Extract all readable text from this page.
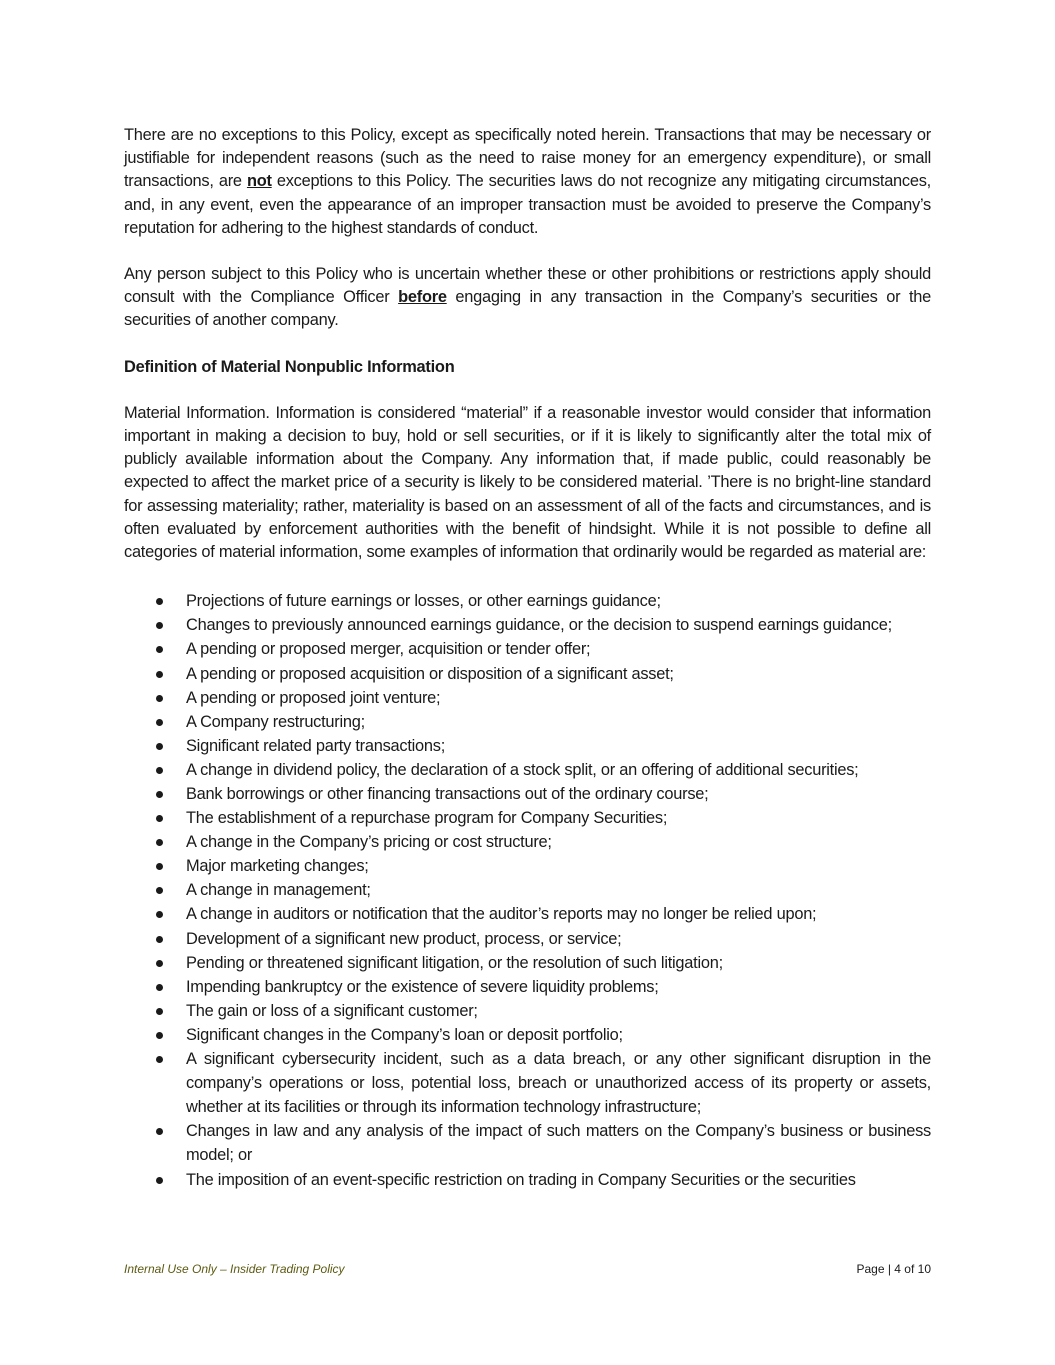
There are no exceptions to this Policy, except as specifically noted herein. Transactions that may be necessary or justifiable for independent reasons (such as the need to raise money for an emergency expenditure), or small transactions, are not exceptions to this Policy. The securities laws do not recognize any mitigating circumstances, and, in any event, even the appearance of an improper transaction must be avoided to preserve the Company’s reputation for adhering to the highest standards of conduct.

Any person subject to this Policy who is uncertain whether these or other prohibitions or restrictions apply should consult with the Compliance Officer before engaging in any transaction in the Company’s securities or the securities of another company.

Definition of Material Nonpublic Information

Material Information. Information is considered “material” if a reasonable investor would consider that information important in making a decision to buy, hold or sell securities, or if it is likely to significantly alter the total mix of publicly available information about the Company. Any information that, if made public, could reasonably be expected to affect the market price of a security is likely to be considered material. ’There is no bright-line standard for assessing materiality; rather, materiality is based on an assessment of all of the facts and circumstances, and is often evaluated by enforcement authorities with the benefit of hindsight. While it is not possible to define all categories of material information, some examples of information that ordinarily would be regarded as material are:

Projections of future earnings or losses, or other earnings guidance;
Changes to previously announced earnings guidance, or the decision to suspend earnings guidance;
A pending or proposed merger, acquisition or tender offer;
A pending or proposed acquisition or disposition of a significant asset;
A pending or proposed joint venture;
A Company restructuring;
Significant related party transactions;
A change in dividend policy, the declaration of a stock split, or an offering of additional securities;
Bank borrowings or other financing transactions out of the ordinary course;
The establishment of a repurchase program for Company Securities;
A change in the Company’s pricing or cost structure;
Major marketing changes;
A change in management;
A change in auditors or notification that the auditor’s reports may no longer be relied upon;
Development of a significant new product, process, or service;
Pending or threatened significant litigation, or the resolution of such litigation;
Impending bankruptcy or the existence of severe liquidity problems;
The gain or loss of a significant customer;
Significant changes in the Company’s loan or deposit portfolio;
A significant cybersecurity incident, such as a data breach, or any other significant disruption in the company’s operations or loss, potential loss, breach or unauthorized access of its property or assets, whether at its facilities or through its information technology infrastructure;
Changes in law and any analysis of the impact of such matters on the Company’s business or business model; or
The imposition of an event-specific restriction on trading in Company Securities or the securities
Internal Use Only – Insider Trading Policy	Page | 4 of 10
